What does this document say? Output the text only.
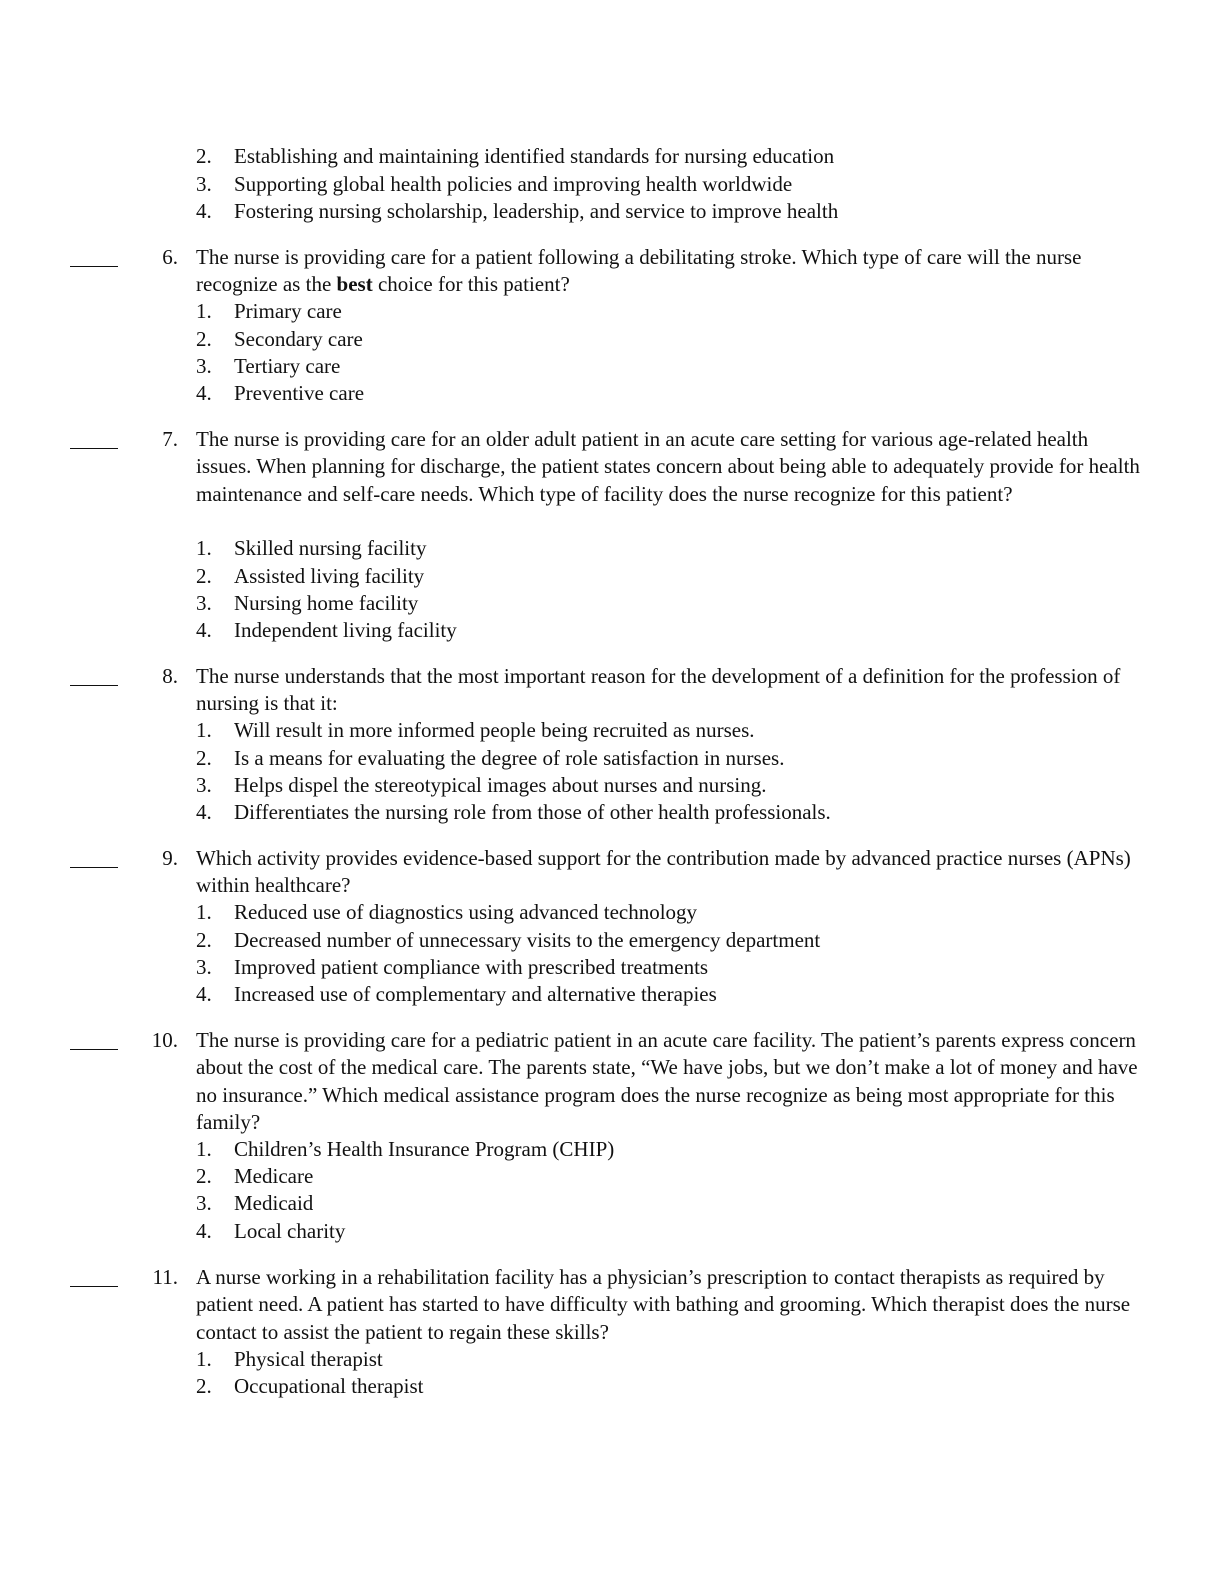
2. Establishing and maintaining identified standards for nursing education
3. Supporting global health policies and improving health worldwide
4. Fostering nursing scholarship, leadership, and service to improve health
6. The nurse is providing care for a patient following a debilitating stroke. Which type of care will the nurse recognize as the best choice for this patient?
1. Primary care
2. Secondary care
3. Tertiary care
4. Preventive care
7. The nurse is providing care for an older adult patient in an acute care setting for various age-related health issues. When planning for discharge, the patient states concern about being able to adequately provide for health maintenance and self-care needs. Which type of facility does the nurse recognize for this patient?
1. Skilled nursing facility
2. Assisted living facility
3. Nursing home facility
4. Independent living facility
8. The nurse understands that the most important reason for the development of a definition for the profession of nursing is that it:
1. Will result in more informed people being recruited as nurses.
2. Is a means for evaluating the degree of role satisfaction in nurses.
3. Helps dispel the stereotypical images about nurses and nursing.
4. Differentiates the nursing role from those of other health professionals.
9. Which activity provides evidence-based support for the contribution made by advanced practice nurses (APNs) within healthcare?
1. Reduced use of diagnostics using advanced technology
2. Decreased number of unnecessary visits to the emergency department
3. Improved patient compliance with prescribed treatments
4. Increased use of complementary and alternative therapies
10. The nurse is providing care for a pediatric patient in an acute care facility. The patient’s parents express concern about the cost of the medical care. The parents state, “We have jobs, but we don’t make a lot of money and have no insurance.” Which medical assistance program does the nurse recognize as being most appropriate for this family?
1. Children’s Health Insurance Program (CHIP)
2. Medicare
3. Medicaid
4. Local charity
11. A nurse working in a rehabilitation facility has a physician’s prescription to contact therapists as required by patient need. A patient has started to have difficulty with bathing and grooming. Which therapist does the nurse contact to assist the patient to regain these skills?
1. Physical therapist
2. Occupational therapist
